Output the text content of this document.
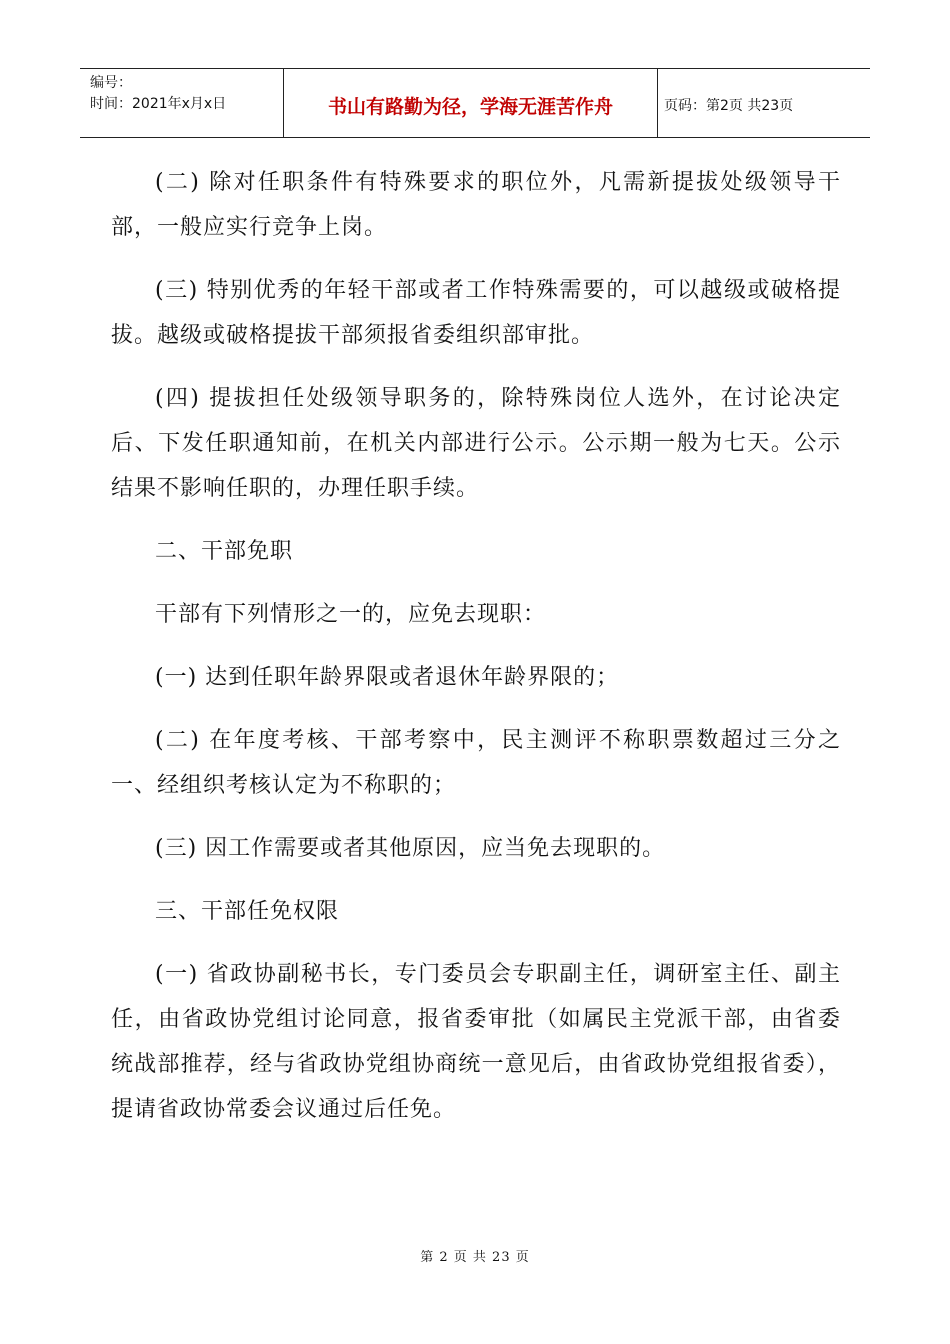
编号：
时间：2021年x月x日	书山有路勤为径，学海无涯苦作舟	页码：第2页 共23页

(二) 除对任职条件有特殊要求的职位外，凡需新提拔处级领导干部，一般应实行竞争上岗。

(三) 特别优秀的年轻干部或者工作特殊需要的，可以越级或破格提拔。越级或破格提拔干部须报省委组织部审批。

(四) 提拔担任处级领导职务的，除特殊岗位人选外，在讨论决定后、下发任职通知前，在机关内部进行公示。公示期一般为七天。公示结果不影响任职的，办理任职手续。

二、干部免职

干部有下列情形之一的，应免去现职：

(一) 达到任职年龄界限或者退休年龄界限的；

(二) 在年度考核、干部考察中，民主测评不称职票数超过三分之一、经组织考核认定为不称职的；

(三) 因工作需要或者其他原因，应当免去现职的。

三、干部任免权限

(一) 省政协副秘书长，专门委员会专职副主任，调研室主任、副主任，由省政协党组讨论同意，报省委审批（如属民主党派干部，由省委统战部推荐，经与省政协党组协商统一意见后，由省政协党组报省委），提请省政协常委会议通过后任免。

第 2 页 共 23 页
